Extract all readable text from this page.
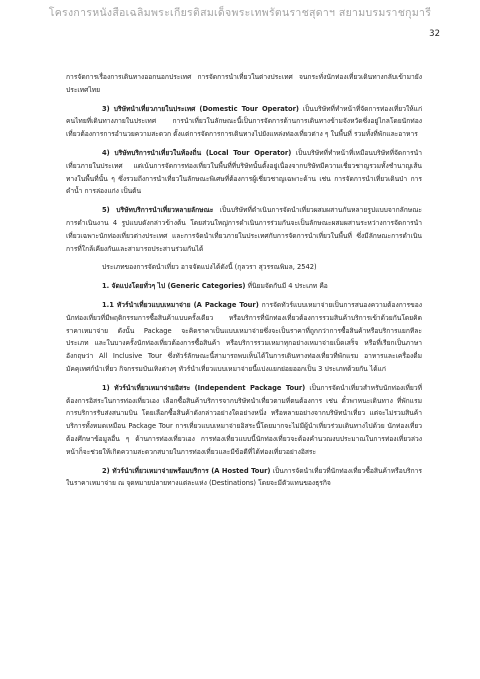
โครงการหนังสือเฉลิมพระเกียรติสมเด็จพระเทพรัตนราชสุดาฯ สยามบรมราชกุมารี
32

การจัดการเรื่องการเดินทางออกนอกประเทศ การจัดการนำเที่ยวในต่างประเทศ จนกระทั่งนักท่องเที่ยวเดินทางกลับเข้ามายังประเทศไทย

3) บริษัทนำเที่ยวภายในประเทศ (Domestic Tour Operator) เป็นบริษัทที่ทำหน้าที่จัดการท่องเที่ยวให้แก่คนไทยที่เดินทางภายในประเทศ การนำเที่ยวในลักษณะนี้เป็นการจัดการด้านการเดินทางข้ามจังหวัดซึ่งอยู่ไกลโดยนักท่องเที่ยวต้องการการอำนวยความสะดวก ตั้งแต่การจัดการการเดินทางไปยังแหล่งท่องเที่ยวต่าง ๆ ในพื้นที่ รวมทั้งที่พักและอาหาร

4) บริษัทบริการนำเที่ยวในท้องถิ่น (Local Tour Operator) เป็นบริษัทที่ทำหน้าที่เหมือนบริษัทที่จัดการนำเที่ยวภายในประเทศ แต่เน้นการจัดการท่องเที่ยวในพื้นที่ที่บริษัทนั้นตั้งอยู่เนื่องจากบริษัทมีความเชี่ยวชาญรวมทั้งชำนาญเส้นทางในพื้นที่นั้น ๆ ซึ่งรวมถึงการนำเที่ยวในลักษณะพิเศษที่ต้องการผู้เชี่ยวชาญเฉพาะด้าน เช่น การจัดการนำเที่ยวเดินป่า การดำน้ำ การล่องแก่ง เป็นต้น

5) บริษัทบริการนำเที่ยวหลายลักษณะ เป็นบริษัทที่ดำเนินการจัดนำเที่ยวผสมผสานกันหลายรูปแบบจากลักษณะการดำเนินงาน 4 รูปแบบดังกล่าวข้างต้น โดยส่วนใหญ่การดำเนินการร่วมกันจะเป็นลักษณะผสมผสานระหว่างการจัดการนำเที่ยวเฉพาะนักท่องเที่ยวต่างประเทศ และการจัดนำเที่ยวภายในประเทศกับการจัดการนำเที่ยวในพื้นที่ ซึ่งมีลักษณะการดำเนินการที่ใกล้เคียงกันและสามารถประสานร่วมกันได้

ประเภทของการจัดนำเที่ยว อาจจัดแบ่งได้ดังนี้ (กุลวรา สุวรรณพิมล, 2542)

1. จัดแบ่งโดยทั่วๆ ไป (Generic Categories) ที่นิยมจัดกันมี 4 ประเภท คือ

1.1 ทัวร์นำเที่ยวแบบเหมาจ่าย (A Package Tour) การจัดทัวร์แบบเหมาจ่ายเป็นการสนองความต้องการของนักท่องเที่ยวที่มีพฤติกรรมการซื้อสินค้าแบบครั้งเดียว หรือบริการที่นักท่องเที่ยวต้องการรวมสินค้าบริการเข้าด้วยกันโดยคิดราคาเหมาจ่าย ดังนั้น Package จะคิดราคาเป็นแบบเหมาจ่ายซึ่งจะเป็นราคาที่ถูกกว่าการซื้อสินค้าหรือบริการแยกทีละประเภท และในบางครั้งนักท่องเที่ยวต้องการซื้อสินค้า หรือบริการรวมเหมาทุกอย่างเหมาจ่ายเบ็ดเสร็จ หรือที่เรียกเป็นภาษาอังกฤษว่า All Inclusive Tour ซึ่งทัวร์ลักษณะนี้สามารถพบเห็นได้ในการเดินทางท่องเที่ยวที่พักแรม อาหารและเครื่องดื่ม มัคคุเทศก์นำเที่ยว กิจกรรมบันเทิงต่างๆ ทัวร์นำเที่ยวแบบเหมาจ่ายนี้แบ่งแยกย่อยออกเป็น 3 ประเภทด้วยกัน ได้แก่

1) ทัวร์นำเที่ยวเหมาจ่ายอิสระ (Independent Package Tour) เป็นการจัดนำเที่ยวสำหรับนักท่องเที่ยวที่ต้องการอิสระในการท่องเที่ยวเอง เลือกซื้อสินค้าบริการจากบริษัทนำเที่ยวตามที่ตนต้องการ เช่น ตั๋วพาหนะเดินทาง ที่พักแรม การบริการรับส่งสนามบิน โดยเลือกซื้อสินค้าดังกล่าวอย่างใดอย่างหนึ่ง หรือหลายอย่างจากบริษัทนำเที่ยว แต่จะไม่รวมสินค้าบริการทั้งหมดเหมือน Package Tour การเที่ยวแบบเหมาจ่ายอิสระนี้โดยมากจะไม่มีผู้นำเที่ยวร่วมเดินทางไปด้วย นักท่องเที่ยวต้องศึกษาข้อมูลอื่น ๆ ด้านการท่องเที่ยวเอง การท่องเที่ยวแบบนี้นักท่องเที่ยวจะต้องคำนวณงบประมาณในการท่องเที่ยวล่วงหน้าก็จะช่วยให้เกิดความสะดวกสบายในการท่องเที่ยวและมีข้อดีที่ได้ท่องเที่ยวอย่างอิสระ

2) ทัวร์นำเที่ยวเหมาจ่ายพร้อมบริการ (A Hosted Tour) เป็นการจัดนำเที่ยวที่นักท่องเที่ยวซื้อสินค้าหรือบริการในราคาเหมาจ่าย ณ จุดหมายปลายทางแต่ละแห่ง (Destinations) โดยจะมีตัวแทนของธุรกิจ
